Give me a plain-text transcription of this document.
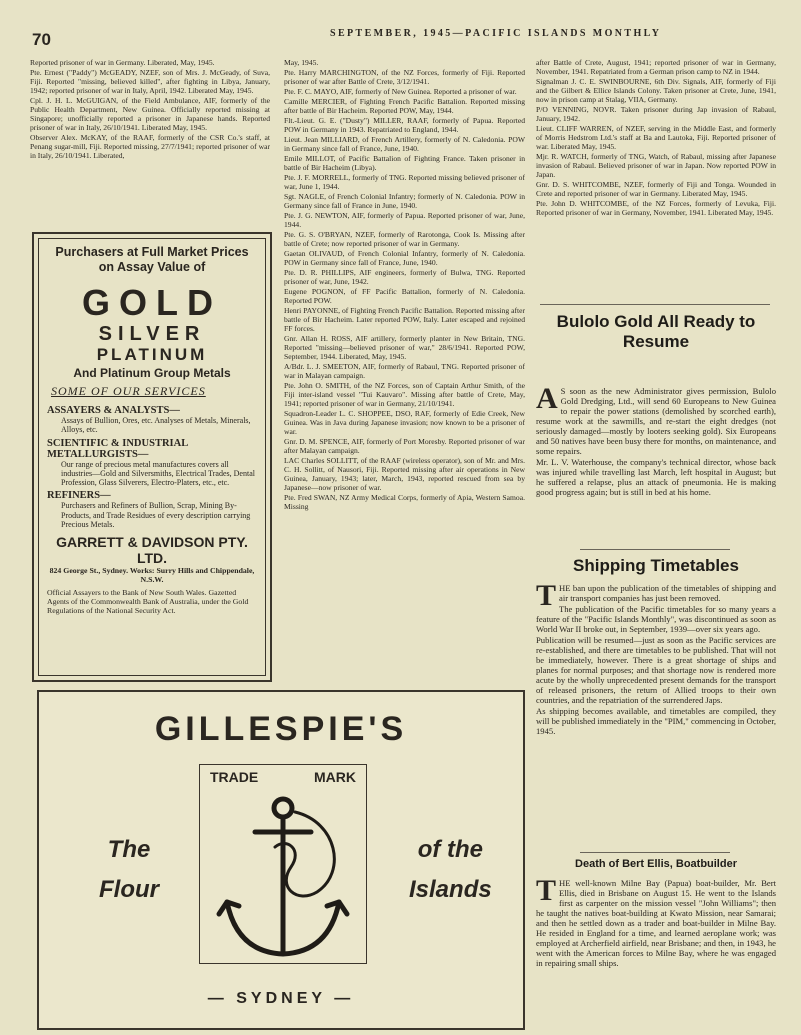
70	SEPTEMBER, 1945—PACIFIC ISLANDS MONTHLY

Reported prisoner of war in Germany. Liberated, May, 1945.

Pte. Ernest ("Paddy") McGEADY, NZEF, son of Mrs. J. McGeady, of Suva, Fiji. Reported "missing, believed killed", after fighting in Libya, January, 1942; reported prisoner of war in Italy, April, 1942. Liberated May, 1945.

Cpl. J. H. L. McGUIGAN, of the Field Ambulance, AIF, formerly of the Public Health Department, New Guinea. Officially reported missing at Singapore; unofficially reported a prisoner in Japanese hands. Reported prisoner of war in Italy, 26/10/1941. Liberated May, 1945.

Observer Alex. McKAY, of the RAAF, formerly of the CSR Co.'s staff, at Penang sugar-mill, Fiji. Reported missing, 27/7/1941; reported prisoner of war in Italy, 26/10/1941. Liberated,

May, 1945.

Pte. Harry MARCHINGTON, of the NZ Forces, formerly of Fiji. Reported prisoner of war after Battle of Crete, 3/12/1941.

Pte. F. C. MAYO, AIF, formerly of New Guinea. Reported a prisoner of war.

Camille MERCIER, of Fighting French Pacific Battalion. Reported missing after battle of Bir Hacheim. Reported POW, May, 1944.

Flt.-Lieut. G. E. ("Dusty") MILLER, RAAF, formerly of Papua. Reported POW in Germany in 1943. Repatriated to England, 1944.

Lieut. Jean MILLIARD, of French Artillery, formerly of N. Caledonia. POW in Germany since fall of France, June, 1940.

Emile MILLOT, of Pacific Battalion of Fighting France. Taken prisoner in battle of Bir Hacheim (Libya).

Pte. J. F. MORRELL, formerly of TNG. Reported missing believed prisoner of war, June 1, 1944.

Sgt. NAGLE, of French Colonial Infantry; formerly of N. Caledonia. POW in Germany since fall of France in June, 1940.

Pte. J. G. NEWTON, AIF, formerly of Papua. Reported prisoner of war, June, 1944.

Pte. G. S. O'BRYAN, NZEF, formerly of Rarotonga, Cook Is. Missing after battle of Crete; now reported prisoner of war in Germany.

Gaetan OLIVAUD, of French Colonial Infantry, formerly of N. Caledonia. POW in Germany since fall of France, June, 1940.

Pte. D. R. PHILLIPS, AIF engineers, formerly of Bulwa, TNG. Reported prisoner of war, June, 1942.

Eugene POGNON, of FF Pacific Battalion, formerly of N. Caledonia. Reported POW.

Henri PAYONNE, of Fighting French Pacific Battalion. Reported missing after battle of Bir Hacheim. Later reported POW, Italy. Later escaped and rejoined FF forces.

Gnr. Allan H. ROSS, AIF artillery, formerly planter in New Britain, TNG. Reported "missing—believed prisoner of war," 28/6/1941. Reported POW, September, 1944. Liberated, May, 1945.

A/Bdr. L. J. SMEETON, AIF, formerly of Rabaul, TNG. Reported prisoner of war in Malayan campaign.

Pte. John O. SMITH, of the NZ Forces, son of Captain Arthur Smith, of the Fiji inter-island vessel "Tui Kauvaro". Missing after battle of Crete, May, 1941; reported prisoner of war in Germany, 21/10/1941.

Squadron-Leader L. C. SHOPPEE, DSO, RAF, formerly of Edie Creek, New Guinea. Was in Java during Japanese invasion; now known to be a prisoner of war.

Gnr. D. M. SPENCE, AIF, formerly of Port Moresby. Reported prisoner of war after Malayan campaign.

LAC Charles SOLLITT, of the RAAF (wireless operator), son of Mr. and Mrs. C. H. Sollitt, of Nausori, Fiji. Reported missing after air operations in New Guinea, January, 1943; later, March, 1943, reported rescued from sea by Japanese—now prisoner of war.

Pte. Fred SWAN, NZ Army Medical Corps, formerly of Apia, Western Samoa. Missing

after Battle of Crete, August, 1941; reported prisoner of war in Germany, November, 1941. Repatriated from a German prison camp to NZ in 1944.

Signalman J. C. E. SWINBOURNE, 6th Div. Signals, AIF, formerly of Fiji and the Gilbert & Ellice Islands Colony. Taken prisoner at Crete, June, 1941, now in prison camp at Stalag, VIIA, Germany.

P/O VENNING, NOVR. Taken prisoner during Jap invasion of Rabaul, January, 1942.

Lieut. CLIFF WARREN, of NZEF, serving in the Middle East, and formerly of Morris Hedstrom Ltd.'s staff at Ba and Lautoka, Fiji. Reported prisoner of war. Liberated May, 1945.

Mjr. R. WATCH, formerly of TNG, Watch, of Rabaul, missing after Japanese invasion of Rabaul. Believed prisoner of war in Japan. Now reported POW in Japan.

Gnr. D. S. WHITCOMBE, NZEF, formerly of Fiji and Tonga. Wounded in Crete and reported prisoner of war in Germany. Liberated May, 1945.

Pte. John D. WHITCOMBE, of the NZ Forces, formerly of Levuka, Fiji. Reported prisoner of war in Germany, November, 1941. Liberated May, 1945.

Bulolo Gold All Ready to Resume

A S soon as the new Administrator gives permission, Bulolo Gold Dredging, Ltd., will send 60 Europeans to New Guinea to repair the power stations (demolished by scorched earth), resume work at the sawmills, and re-start the eight dredges (not seriously damaged—mostly by looters seeking gold). Six Europeans and 50 natives have been busy there for months, on maintenance, and some repairs.

Mr. L. V. Waterhouse, the company's technical director, whose back was injured while travelling last March, left hospital in August; but he suffered a relapse, plus an attack of pneumonia. He is making good progress again; but is still in bed at his home.

Shipping Timetables

THE ban upon the publication of the timetables of shipping and air transport companies has just been removed.

The publication of the Pacific timetables for so many years a feature of the "Pacific Islands Monthly", was discontinued as soon as World War II broke out, in September, 1939—over six years ago.

Publication will be resumed—just as soon as the Pacific services are re-established, and there are timetables to be published. That will not be immediately, however. There is a great shortage of ships and planes for normal purposes; and that shortage now is rendered more acute by the wholly unprecedented present demands for the transport of released prisoners, the return of Allied troops to their own countries, and the repatriation of the surrendered Japs.

As shipping becomes available, and timetables are compiled, they will be published immediately in the "PIM," commencing in October, 1945.

Death of Bert Ellis, Boatbuilder

THE well-known Milne Bay (Papua) boat-builder, Mr. Bert Ellis, died in Brisbane on August 15. He went to the Islands first as carpenter on the mission vessel "John Williams"; then he taught the natives boat-building at Kwato Mission, near Samarai; and then he settled down as a trader and boat-builder in Milne Bay. He resided in England for a time, and learned aeroplane work; was employed at Archerfield airfield, near Brisbane; and then, in 1943, he went with the American forces to Milne Bay, where he was engaged in repairing small ships.

Purchasers at Full Market Prices on Assay Value of
GOLD
SILVER
PLATINUM
And Platinum Group Metals
SOME OF OUR SERVICES
ASSAYERS & ANALYSTS—
Assays of Bullion, Ores, etc. Analyses of Metals, Minerals, Alloys, etc.
SCIENTIFIC & INDUSTRIAL METALLURGISTS—
Our range of precious metal manufactures covers all industries—Gold and Silversmiths, Electrical Trades, Dental Profession, Glass Silverers, Electro-Platers, etc., etc.
REFINERS—
Purchasers and Refiners of Bullion, Scrap, Mining By-Products, and Trade Residues of every description carrying Precious Metals.
GARRETT & DAVIDSON PTY. LTD.
824 George St., Sydney. Works: Surry Hills and Chippendale, N.S.W.
Official Assayers to the Bank of New South Wales. Gazetted Agents of the Commonwealth Bank of Australia, under the Gold Regulations of the National Security Act.
GILLESPIE'S
TRADE	MARK
The
Flour
of the
Islands
— SYDNEY —
